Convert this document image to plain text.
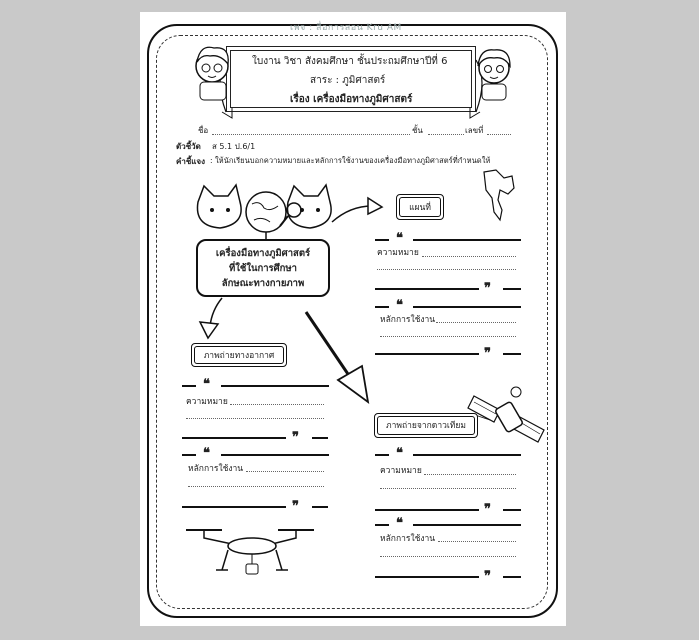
เพจ : สื่อการสอน Kru AM
ใบงาน วิชา สังคมศึกษา ชั้นประถมศึกษาปีที่ 6
สาระ : ภูมิศาสตร์
เรื่อง เครื่องมือทางภูมิศาสตร์
ชื่อ	ชั้น	เลขที่
ตัวชี้วัด ส 5.1 ป.6/1
คำชี้แจง : ให้นักเรียนบอกความหมายและหลักการใช้งานของเครื่องมือทางภูมิศาสตร์ที่กำหนดให้
เครื่องมือทางภูมิศาสตร์
ที่ใช้ในการศึกษา
ลักษณะทางกายภาพ
แผนที่
❝
ความหมาย
❞
❝
หลักการใช้งาน
❞
ภาพถ่ายทางอากาศ
❝
ความหมาย
❞
❝
หลักการใช้งาน
❞
ภาพถ่ายจากดาวเทียม
❝
ความหมาย
❞
❝
หลักการใช้งาน
❞
